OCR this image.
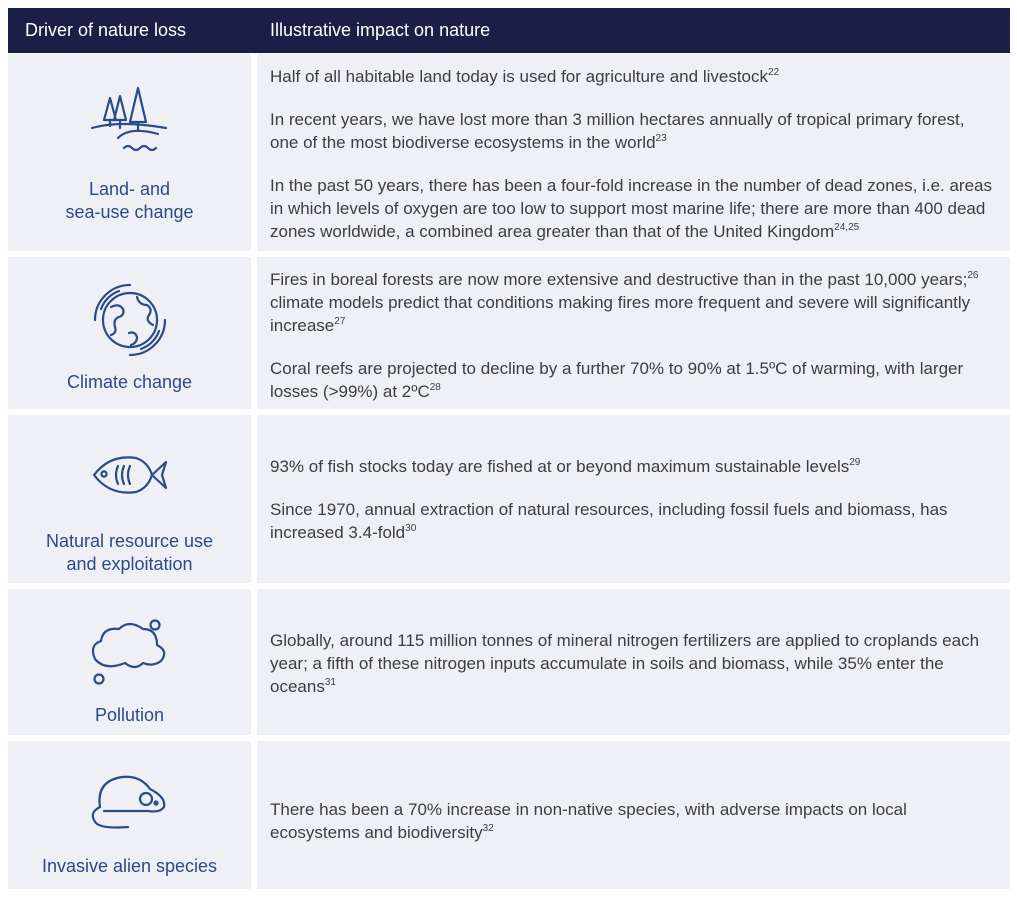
Driver of nature loss	Illustrative impact on nature
Land- and
sea-use change

Half of all habitable land today is used for agriculture and livestock$^{22}$

In recent years, we have lost more than 3 million hectares annually of tropical primary forest, one of the most biodiverse ecosystems in the world$^{23}$

In the past 50 years, there has been a four-fold increase in the number of dead zones, i.e. areas in which levels of oxygen are too low to support most marine life; there are more than 400 dead zones worldwide, a combined area greater than that of the United Kingdom$^{24,25}$

Climate change

Fires in boreal forests are now more extensive and destructive than in the past 10,000 years;$^{26}$ climate models predict that conditions making fires more frequent and severe will significantly increase$^{27}$

Coral reefs are projected to decline by a further 70% to 90% at 1.5ºC of warming, with larger losses (>99%) at 2ºC$^{28}$

Natural resource use
and exploitation

93% of fish stocks today are fished at or beyond maximum sustainable levels$^{29}$

Since 1970, annual extraction of natural resources, including fossil fuels and biomass, has increased 3.4-fold$^{30}$

Pollution

Globally, around 115 million tonnes of mineral nitrogen fertilizers are applied to croplands each year; a fifth of these nitrogen inputs accumulate in soils and biomass, while 35% enter the oceans$^{31}$

Invasive alien species

There has been a 70% increase in non-native species, with adverse impacts on local ecosystems and biodiversity$^{32}$
